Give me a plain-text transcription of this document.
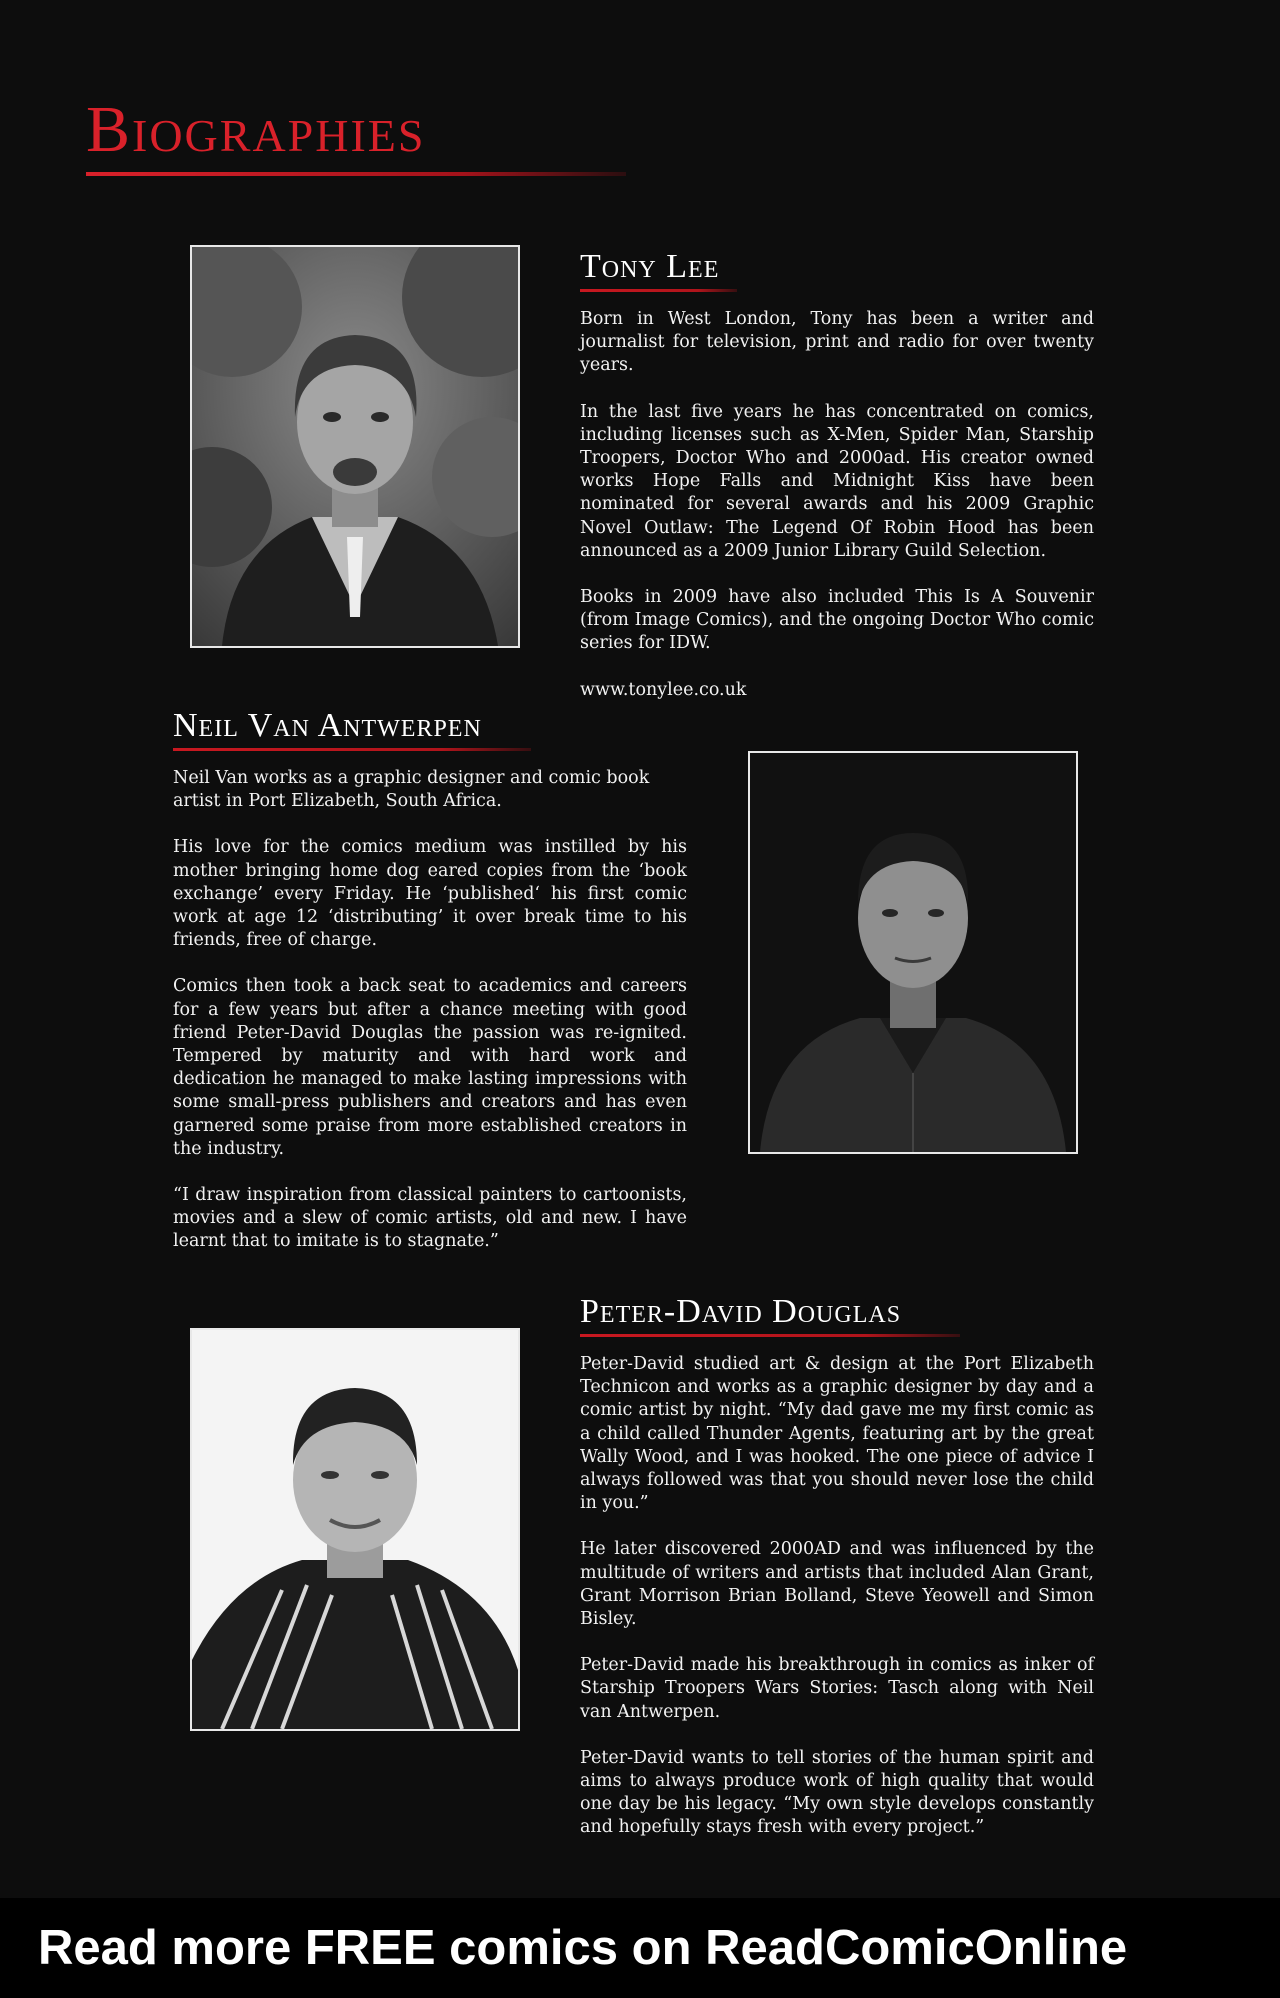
Biographies
Tony Lee

Born in West London, Tony has been a writer and journalist for television, print and radio for over twenty years.

In the last five years he has concentrated on comics, including licenses such as X-Men, Spider Man, Starship Troopers, Doctor Who and 2000ad. His creator owned works Hope Falls and Midnight Kiss have been nominated for several awards and his 2009 Graphic Novel Outlaw: The Legend Of Robin Hood has been announced as a 2009 Junior Library Guild Selection.

Books in 2009 have also included This Is A Souvenir (from Image Comics), and the ongoing Doctor Who comic series for IDW.

www.tonylee.co.uk

Neil Van Antwerpen

Neil Van works as a graphic designer and comic book artist in Port Elizabeth, South Africa.

His love for the comics medium was instilled by his mother bringing home dog eared copies from the ‘book exchange’ every Friday. He ‘published‘ his first comic work at age 12 ‘distributing’ it over break time to his friends, free of charge.

Comics then took a back seat to academics and careers for a few years but after a chance meeting with good friend Peter-David Douglas the passion was re-ignited. Tempered by maturity and with hard work and dedication he managed to make lasting impressions with some small-press publishers and creators and has even garnered some praise from more established creators in the industry.

“I draw inspiration from classical painters to cartoonists, movies and a slew of comic artists, old and new. I have learnt that to imitate is to stagnate.”

Peter-David Douglas

Peter-David studied art & design at the Port Elizabeth Technicon and works as a graphic designer by day and a comic artist by night. “My dad gave me my first comic as a child called Thunder Agents, featuring art by the great Wally Wood, and I was hooked. The one piece of advice I always followed was that you should never lose the child in you.”

He later discovered 2000AD and was influenced by the multitude of writers and artists that included Alan Grant, Grant Morrison Brian Bolland, Steve Yeowell and Simon Bisley.

Peter-David made his breakthrough in comics as inker of Starship Troopers Wars Stories: Tasch along with Neil van Antwerpen.

Peter-David wants to tell stories of the human spirit and aims to always produce work of high quality that would one day be his legacy. “My own style develops constantly and hopefully stays fresh with every project.”

Read more FREE comics on ReadComicOnline
